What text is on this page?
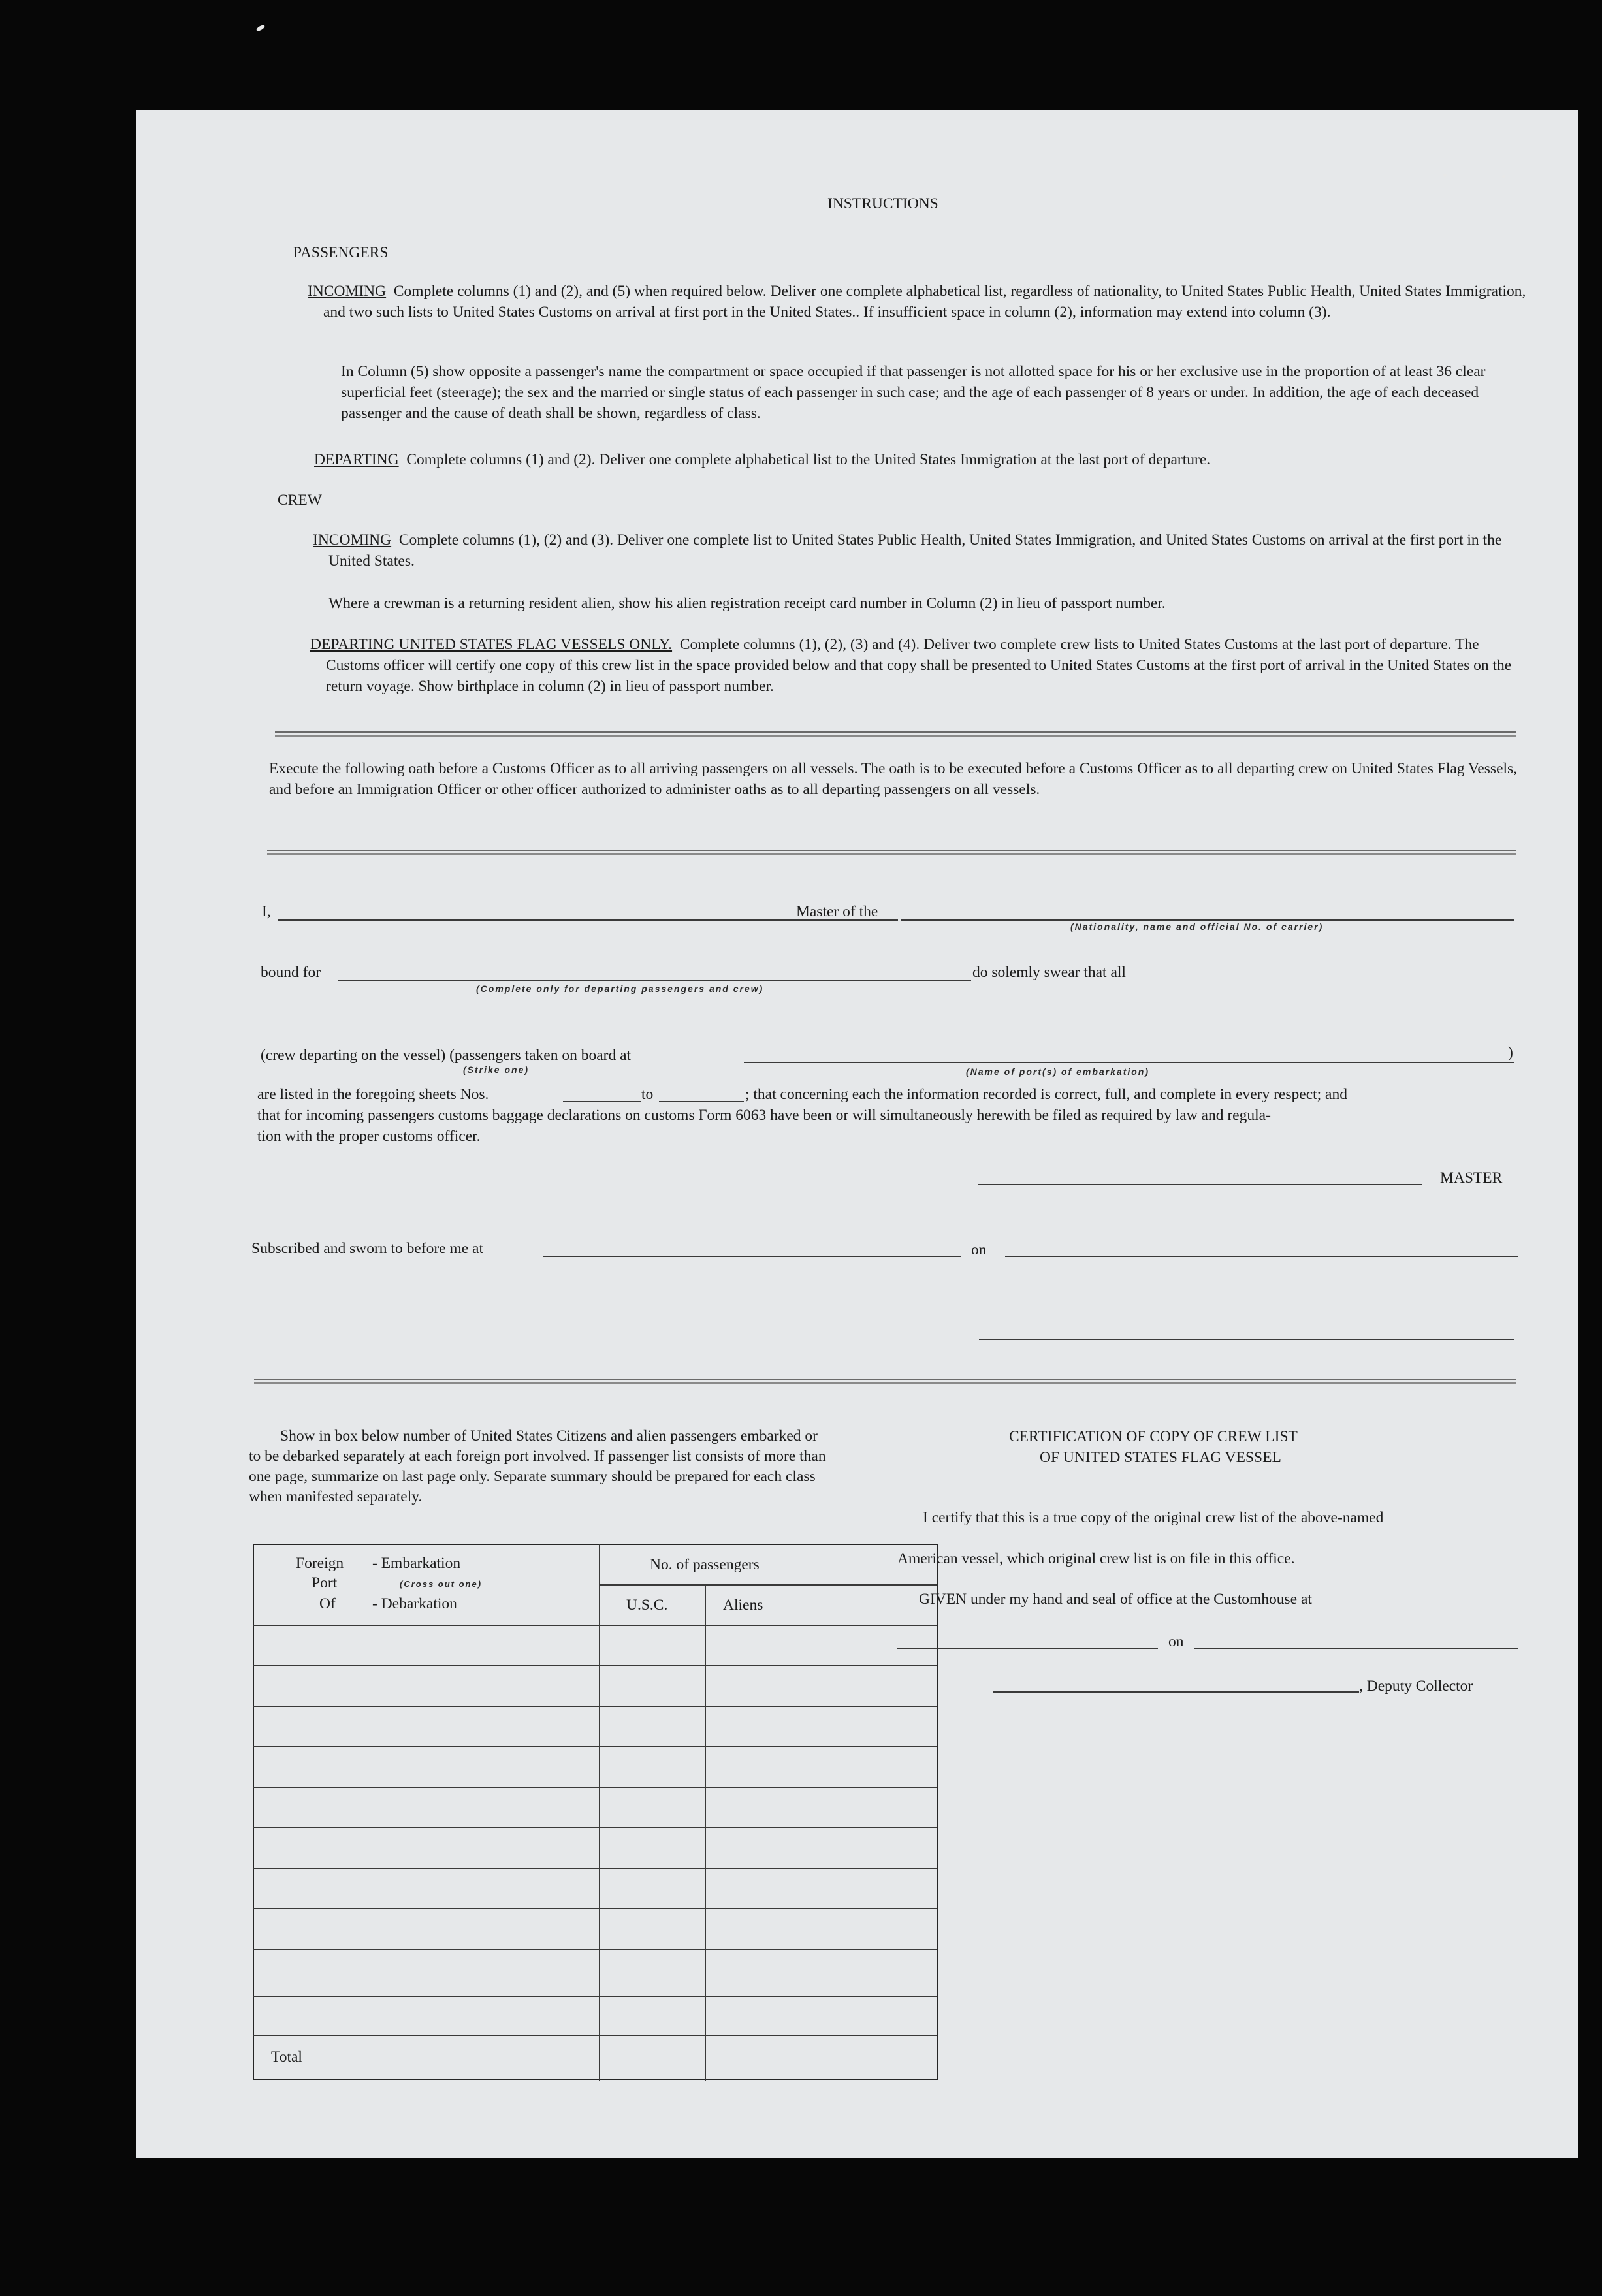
INSTRUCTIONS
PASSENGERS
INCOMING Complete columns (1) and (2), and (5) when required below. Deliver one complete alphabetical list, regardless of nationality, to United States Public Health, United States Immigration, and two such lists to United States Customs on arrival at first port in the United States.. If insufficient space in column (2), information may extend into column (3).
In Column (5) show opposite a passenger's name the compartment or space occupied if that passenger is not allotted space for his or her exclusive use in the proportion of at least 36 clear superficial feet (steerage); the sex and the married or single status of each passenger in such case; and the age of each passenger of 8 years or under. In addition, the age of each deceased passenger and the cause of death shall be shown, regardless of class.
DEPARTING Complete columns (1) and (2). Deliver one complete alphabetical list to the United States Immigration at the last port of departure.
CREW
INCOMING Complete columns (1), (2) and (3). Deliver one complete list to United States Public Health, United States Immigration, and United States Customs on arrival at the first port in the United States.
Where a crewman is a returning resident alien, show his alien registration receipt card number in Column (2) in lieu of passport number.
DEPARTING UNITED STATES FLAG VESSELS ONLY. Complete columns (1), (2), (3) and (4). Deliver two complete crew lists to United States Customs at the last port of departure. The Customs officer will certify one copy of this crew list in the space provided below and that copy shall be presented to United States Customs at the first port of arrival in the United States on the return voyage. Show birthplace in column (2) in lieu of passport number.
Execute the following oath before a Customs Officer as to all arriving passengers on all vessels. The oath is to be executed before a Customs Officer as to all departing crew on United States Flag Vessels, and before an Immigration Officer or other officer authorized to administer oaths as to all departing passengers on all vessels.
I,	Master of the
(Nationality, name and official No. of carrier)
bound for	do solemly swear that all
(Complete only for departing passengers and crew)
(crew departing on the vessel) (passengers taken on board at
(Strike one)
)
(Name of port(s) of embarkation)
are listed in the foregoing sheets Nos.	to	; that concerning each the information recorded is correct, full, and complete in every respect; and
that for incoming passengers customs baggage declarations on customs Form 6063 have been or will simultaneously herewith be filed as required by law and regula-
tion with the proper customs officer.
MASTER
Subscribed and sworn to before me at	on
Show in box below number of United States Citizens and alien passengers embarked or to be debarked separately at each foreign port involved. If passenger list consists of more than one page, summarize on last page only. Separate summary should be prepared for each class when manifested separately.
Foreign - Embarkation
Port	(Cross out one)
Of - Debarkation
No. of passengers
U.S.C.	Aliens
Total
CERTIFICATION OF COPY OF CREW LIST
OF UNITED STATES FLAG VESSEL
I certify that this is a true copy of the original crew list of the above-named
American vessel, which original crew list is on file in this office.
GIVEN under my hand and seal of office at the Customhouse at
on
, Deputy Collector
